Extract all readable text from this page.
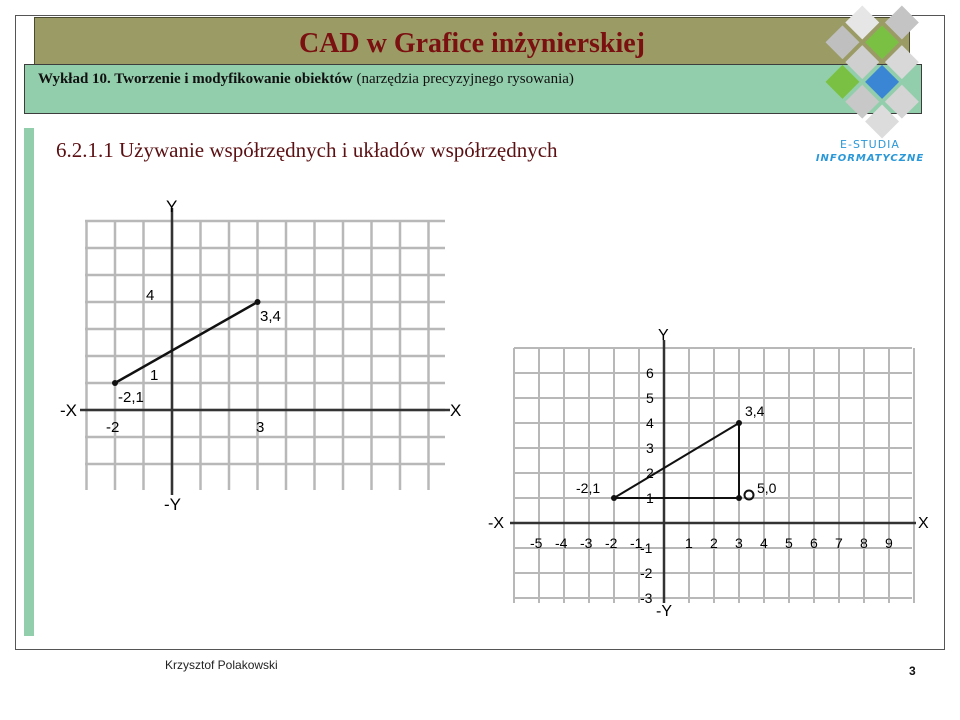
CAD w Grafice inżynierskiej
Wykład 10. Tworzenie i modyfikowanie obiektów (narzędzia precyzyjnego rysowania)
6.2.1.1 Używanie współrzędnych i układów współrzędnych	E-STUDIA
INFORMATYCZNE
-X	X
Y
-Y
4
1
-2	3
-2,1
3,4
-X	X
Y
-Y
-5 -4 -3 -2 -1	1 2 3 4 5 6 7 8 9
6
5
4
3
2
1
-1
-2
-3
-2,1
3,4
5,0
Krzysztof Polakowski	3
